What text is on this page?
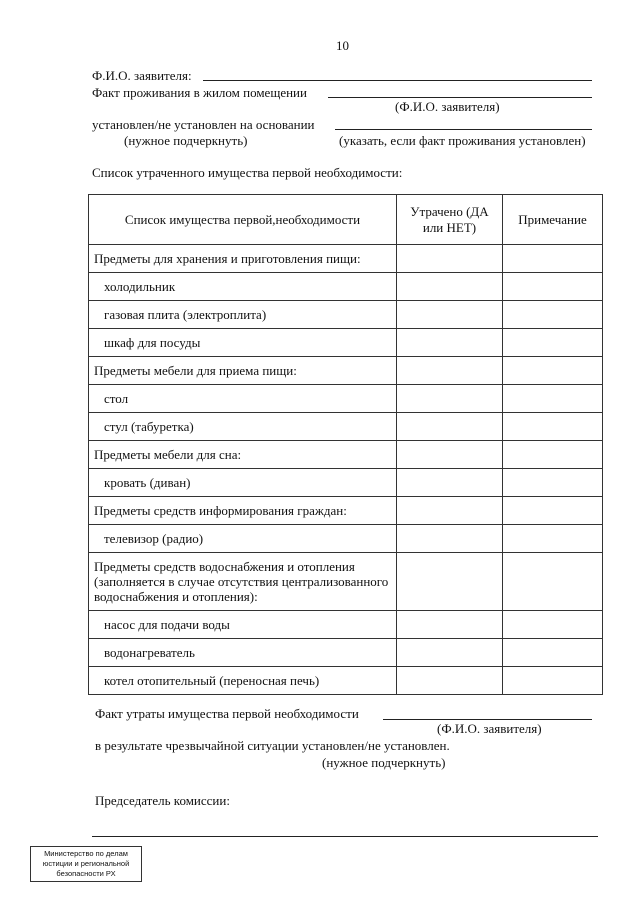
10
Ф.И.О. заявителя:
Факт проживания в жилом помещении
(Ф.И.О. заявителя)
установлен/не установлен на основании
(нужное подчеркнуть)	(указать, если факт проживания установлен)
Список утраченного имущества первой необходимости:
Список имущества первой,необходимости	Утрачено (ДА или НЕТ)	Примечание
Предметы для хранения и приготовления пищи:		
холодильник		
газовая плита (электроплита)		
шкаф для посуды		
Предметы мебели для приема пищи:		
стол		
стул (табуретка)		
Предметы мебели для сна:		
кровать (диван)		
Предметы средств информирования граждан:		
телевизор (радио)		
Предметы средств водоснабжения и отопления (заполняется в случае отсутствия централизованного водоснабжения и отопления):		
насос для подачи воды		
водонагреватель		
котел отопительный (переносная печь)		
Факт утраты имущества первой необходимости
(Ф.И.О. заявителя)
в результате чрезвычайной ситуации установлен/не установлен.
(нужное подчеркнуть)
Председатель комиссии:
Министерство по делам
юстиции и региональной
безопасности РХ
